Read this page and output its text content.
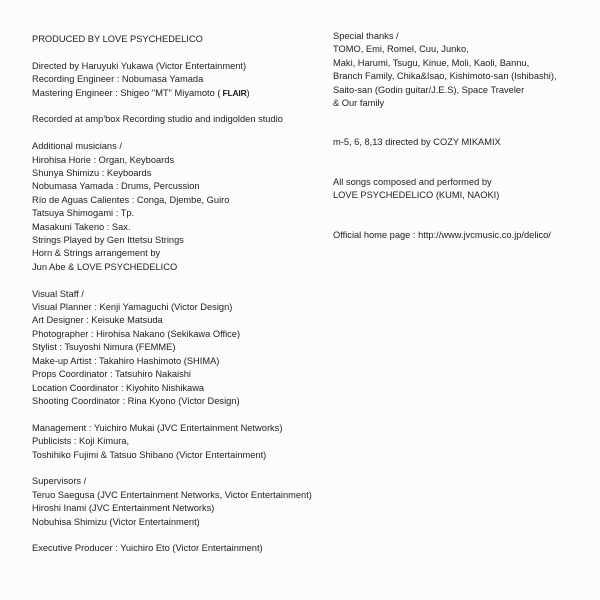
PRODUCED BY LOVE PSYCHEDELICO
Directed by Haruyuki Yukawa (Victor Entertainment)
Recording Engineer : Nobumasa Yamada
Mastering Engineer : Shigeo "MT" Miyamoto ( FLAIR)
Recorded at amp'box Recording studio and indigolden studio
Additional musicians /
Hirohisa Horie : Organ, Keyboards
Shunya Shimizu : Keyboards
Nobumasa Yamada : Drums, Percussion
Río de Aguas Calientes : Conga, Djembe, Guiro
Tatsuya Shimogami : Tp.
Masakuni Takeno : Sax.
Strings Played by Gen Ittetsu Strings
Horn & Strings arrangement by
Jun Abe & LOVE PSYCHEDELICO
Visual Staff /
Visual Planner : Kenji Yamaguchi (Victor Design)
Art Designer : Keisuke Matsuda
Photographer : Hirohisa Nakano (Sekikawa Office)
Stylist : Tsuyoshi Nimura (FEMME)
Make-up Artist : Takahiro Hashimoto (SHIMA)
Props Coordinator : Tatsuhiro Nakaishi
Location Coordinator : Kiyohito Nishikawa
Shooting Coordinator : Rina Kyono (Victor Design)
Management : Yuichiro Mukai (JVC Entertainment Networks)
Publicists : Koji Kimura,
Toshihiko Fujimi & Tatsuo Shibano (Victor Entertainment)
Supervisors /
Teruo Saegusa (JVC Entertainment Networks, Victor Entertainment)
Hiroshi Inami (JVC Entertainment Networks)
Nobuhisa Shimizu (Victor Entertainment)
Executive Producer : Yuichiro Eto (Victor Entertainment)
Special thanks /
TOMO, Emi, Romel, Cuu, Junko,
Maki, Harumi, Tsugu, Kinue, Moli, Kaoli, Bannu,
Branch Family, Chika&Isao, Kishimoto-san (Ishibashi),
Saito-san (Godin guitar/J.E.S), Space Traveler
& Our family
m-5, 6, 8,13 directed by COZY MIKAMIX
All songs composed and performed by
LOVE PSYCHEDELICO (KUMI, NAOKI)
Official home page : http://www.jvcmusic.co.jp/delico/
